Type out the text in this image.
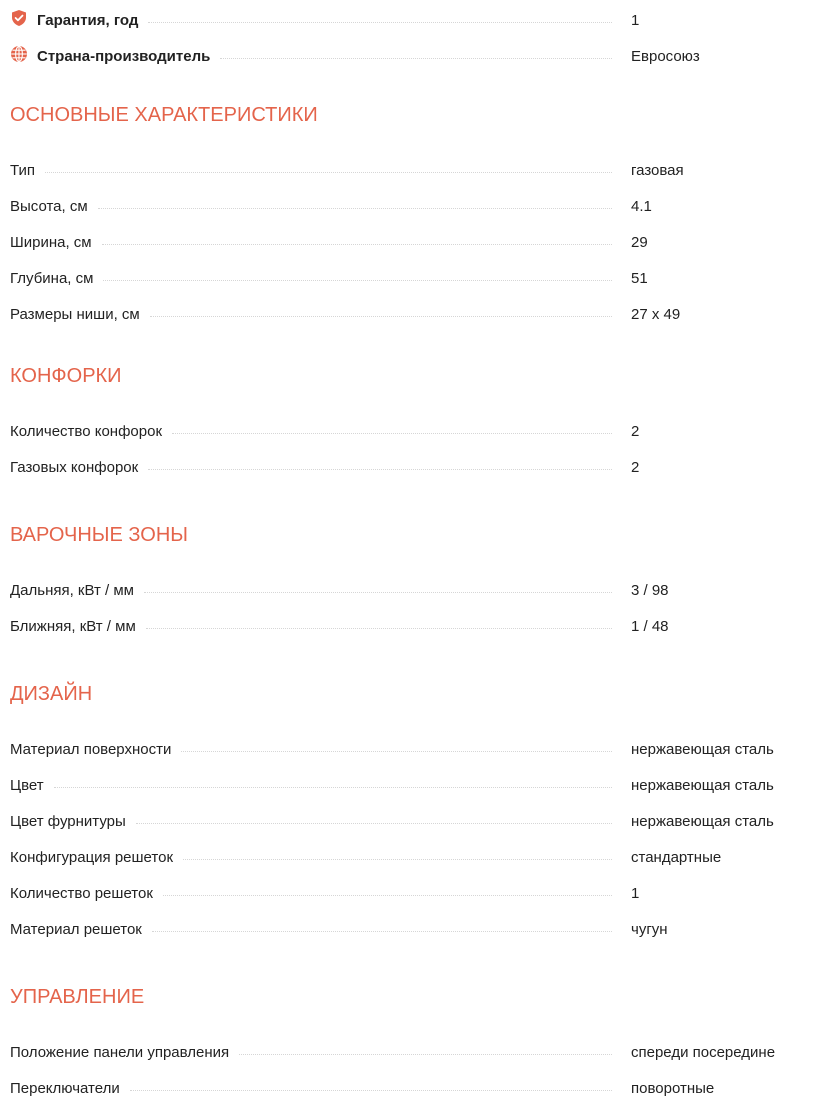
Гарантия, год	1
Страна-производитель	Евросоюз
ОСНОВНЫЕ ХАРАКТЕРИСТИКИ
Тип	газовая
Высота, см	4.1
Ширина, см	29
Глубина, см	51
Размеры ниши, см	27 х 49
КОНФОРКИ
Количество конфорок	2
Газовых конфорок	2
ВАРОЧНЫЕ ЗОНЫ
Дальняя, кВт / мм	3 / 98
Ближняя, кВт / мм	1 / 48
ДИЗАЙН
Материал поверхности	нержавеющая сталь
Цвет	нержавеющая сталь
Цвет фурнитуры	нержавеющая сталь
Конфигурация решеток	стандартные
Количество решеток	1
Материал решеток	чугун
УПРАВЛЕНИЕ
Положение панели управления	спереди посередине
Переключатели	поворотные
